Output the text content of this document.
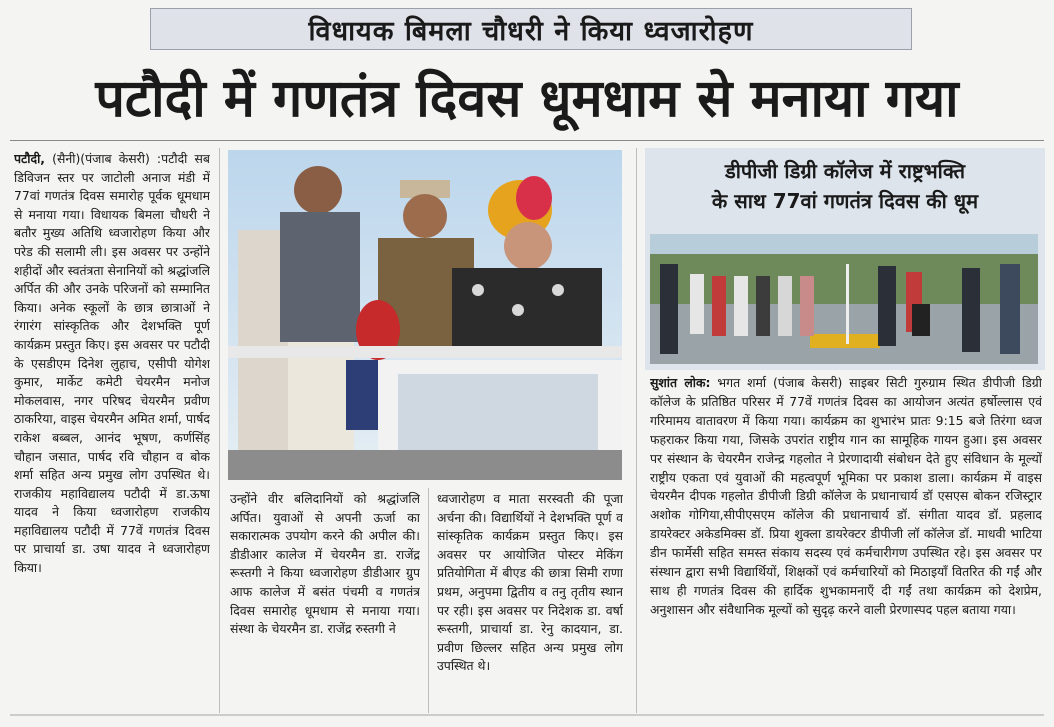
विधायक बिमला चौधरी ने किया ध्वजारोहण
पटौदी में गणतंत्र दिवस धूमधाम से मनाया गया

पटौदी, (सैनी)(पंजाब केसरी) :पटौदी सब डिविजन स्तर पर जाटोली अनाज मंडी में 77वां गणतंत्र दिवस समारोह पूर्वक धूमधाम से मनाया गया। विधायक बिमला चौधरी ने बतौर मुख्य अतिथि ध्वजारोहण किया और परेड की सलामी ली। इस अवसर पर उन्होंने शहीदों और स्वतंत्रता सेनानियों को श्रद्धांजलि अर्पित की और उनके परिजनों को सम्मानित किया। अनेक स्कूलों के छात्र छात्राओं ने रंगारंग सांस्कृतिक और देशभक्ति पूर्ण कार्यक्रम प्रस्तुत किए। इस अवसर पर पटौदी के एसडीएम दिनेश लुहाच, एसीपी योगेश कुमार, मार्केट कमेटी चेयरमैन मनोज मोकलवास, नगर परिषद चेयरमैन प्रवीण ठाकरिया, वाइस चेयरमैन अमित शर्मा, पार्षद राकेश बब्बल, आनंद भूषण, कर्णसिंह चौहान जसात, पार्षद रवि चौहान व बोक शर्मा सहित अन्य प्रमुख लोग उपस्थित थे। राजकीय महाविद्यालय पटौदी में डा.ऊषा यादव ने किया ध्वजारोहण राजकीय महाविद्यालय पटौदी में 77वें गणतंत्र दिवस पर प्राचार्या डा. उषा यादव ने ध्वजारोहण किया।

उन्होंने वीर बलिदानियों को श्रद्धांजलि अर्पित। युवाओं से अपनी ऊर्जा का सकारात्मक उपयोग करने की अपील की। डीडीआर कालेज में चेयरमैन डा. राजेंद्र रूस्तगी ने किया ध्वजारोहण डीडीआर ग्रुप आफ कालेज में बसंत पंचमी व गणतंत्र दिवस समारोह धूमधाम से मनाया गया। संस्था के चेयरमैन डा. राजेंद्र रुस्तगी ने

ध्वजारोहण व माता सरस्वती की पूजा अर्चना की। विद्यार्थियों ने देशभक्ति पूर्ण व सांस्कृतिक कार्यक्रम प्रस्तुत किए। इस अवसर पर आयोजित पोस्टर मेकिंग प्रतियोगिता में बीएड की छात्रा सिमी राणा प्रथम, अनुपमा द्वितीय व तनु तृतीय स्थान पर रही। इस अवसर पर निदेशक डा. वर्षा रूस्तगी, प्राचार्या डा. रेनु कादयान, डा. प्रवीण छिल्लर सहित अन्य प्रमुख लोग उपस्थित थे।

डीपीजी डिग्री कॉलेज में राष्ट्रभक्ति
के साथ 77वां गणतंत्र दिवस की धूम

सुशांत लोक: भगत शर्मा (पंजाब केसरी) साइबर सिटी गुरुग्राम स्थित डीपीजी डिग्री कॉलेज के प्रतिष्ठित परिसर में 77वें गणतंत्र दिवस का आयोजन अत्यंत हर्षोल्लास एवं गरिमामय वातावरण में किया गया। कार्यक्रम का शुभारंभ प्रातः 9:15 बजे तिरंगा ध्वज फहराकर किया गया, जिसके उपरांत राष्ट्रीय गान का सामूहिक गायन हुआ। इस अवसर पर संस्थान के चेयरमैन राजेन्द्र गहलोत ने प्रेरणादायी संबोधन देते हुए संविधान के मूल्यों राष्ट्रीय एकता एवं युवाओं की महत्वपूर्ण भूमिका पर प्रकाश डाला। कार्यक्रम में वाइस चेयरमैन दीपक गहलोत डीपीजी डिग्री कॉलेज के प्रधानाचार्य डॉ एसएस बोकन रजिस्ट्रार अशोक गोगिया,सीपीएसएम कॉलेज की प्रधानाचार्य डॉ. संगीता यादव डॉ. प्रहलाद डायरेक्टर अकेडमिक्स डॉ. प्रिया शुक्ला डायरेक्टर डीपीजी लॉ कॉलेज डॉ. माधवी भाटिया डीन फार्मेसी सहित समस्त संकाय सदस्य एवं कर्मचारीगण उपस्थित रहे। इस अवसर पर संस्थान द्वारा सभी विद्यार्थियों, शिक्षकों एवं कर्मचारियों को मिठाइयाँ वितरित की गईं और साथ ही गणतंत्र दिवस की हार्दिक शुभकामनाएँ दी गईं तथा कार्यक्रम को देशप्रेम, अनुशासन और संवैधानिक मूल्यों को सुदृढ़ करने वाली प्रेरणास्पद पहल बताया गया।
